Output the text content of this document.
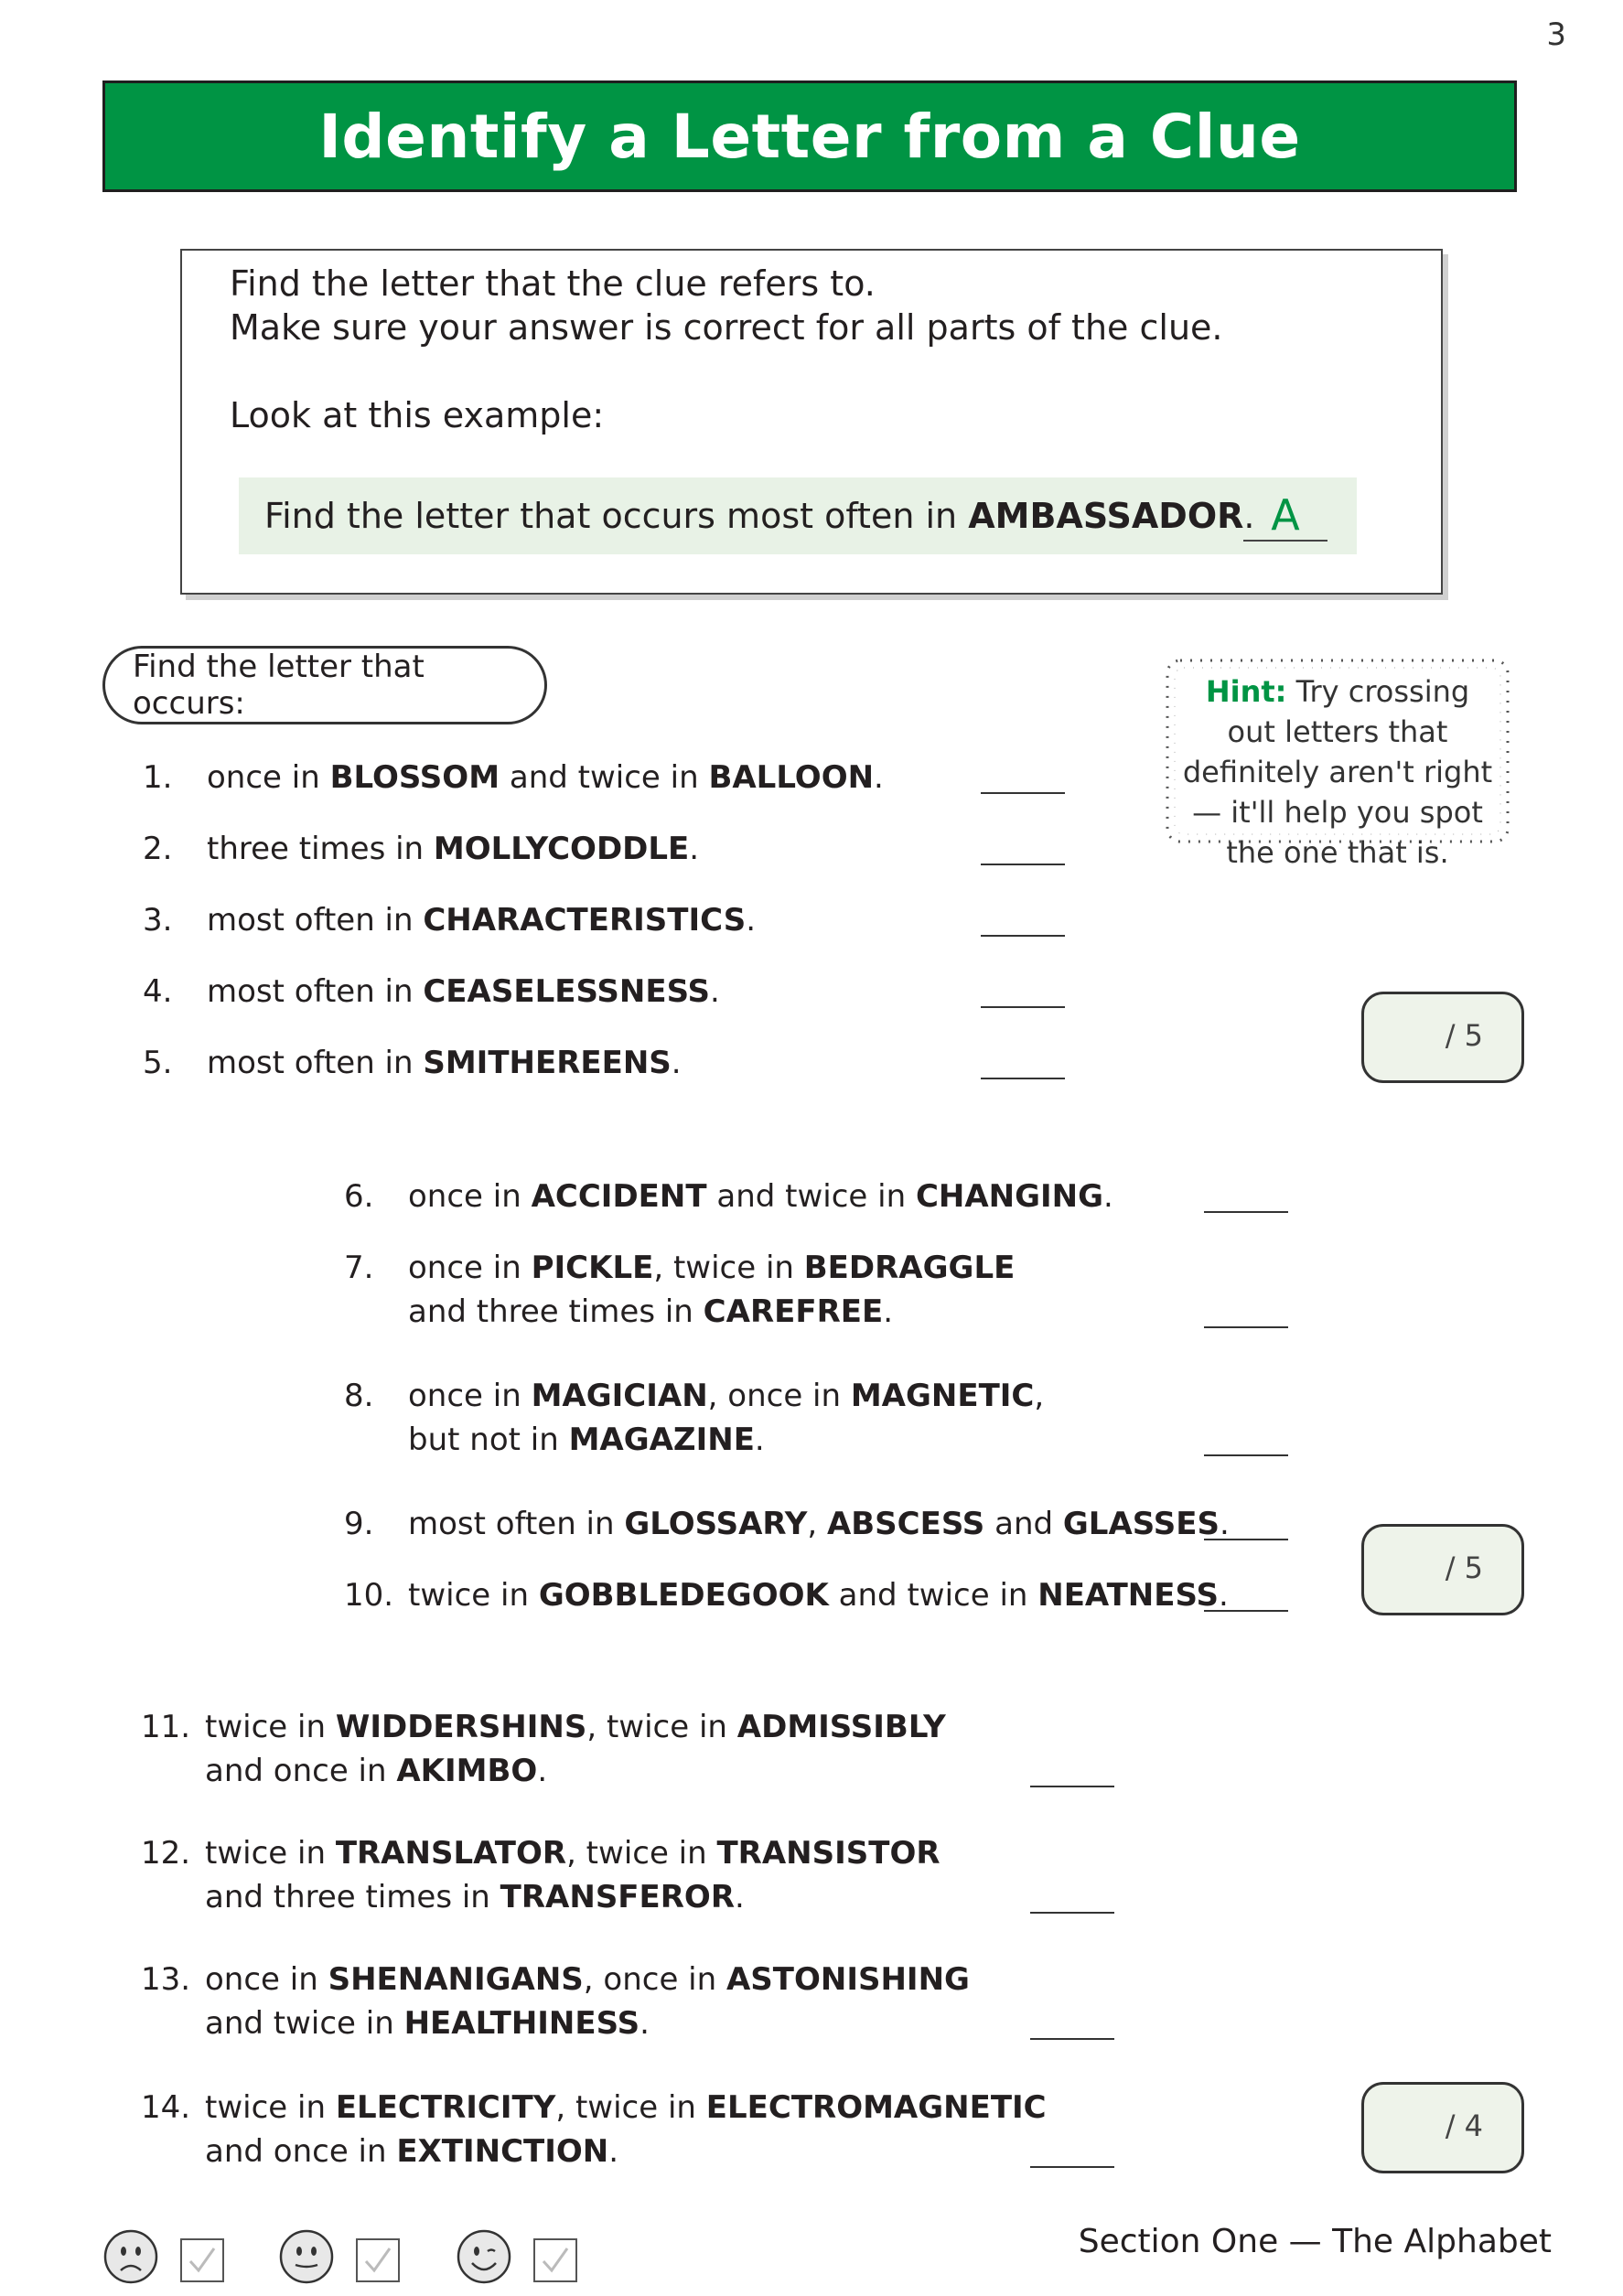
3
Identify a Letter from a Clue
Find the letter that the clue refers to.
Make sure your answer is correct for all parts of the clue.
Look at this example:
Find the letter that occurs most often in AMBASSADOR. A
Find the letter that occurs:	Hint: Try crossing out letters that definitely aren't right — it'll help you spot the one that is.
1.	once in BLOSSOM and twice in BALLOON.
2.	three times in MOLLYCODDLE.
3.	most often in CHARACTERISTICS.
4.	most often in CEASELESSNESS.
5.	most often in SMITHEREENS.
/ 5
6.	once in ACCIDENT and twice in CHANGING.
7.	once in PICKLE, twice in BEDRAGGLE
and three times in CAREFREE.
8.	once in MAGICIAN, once in MAGNETIC,
but not in MAGAZINE.
9.	most often in GLOSSARY, ABSCESS and GLASSES.
10. twice in GOBBLEDEGOOK and twice in NEATNESS.
/ 5
11. twice in WIDDERSHINS, twice in ADMISSIBLY
and once in AKIMBO.
12. twice in TRANSLATOR, twice in TRANSISTOR
and three times in TRANSFEROR.
13. once in SHENANIGANS, once in ASTONISHING
and twice in HEALTHINESS.
14. twice in ELECTRICITY, twice in ELECTROMAGNETIC
and once in EXTINCTION.
/ 4
Section One — The Alphabet
